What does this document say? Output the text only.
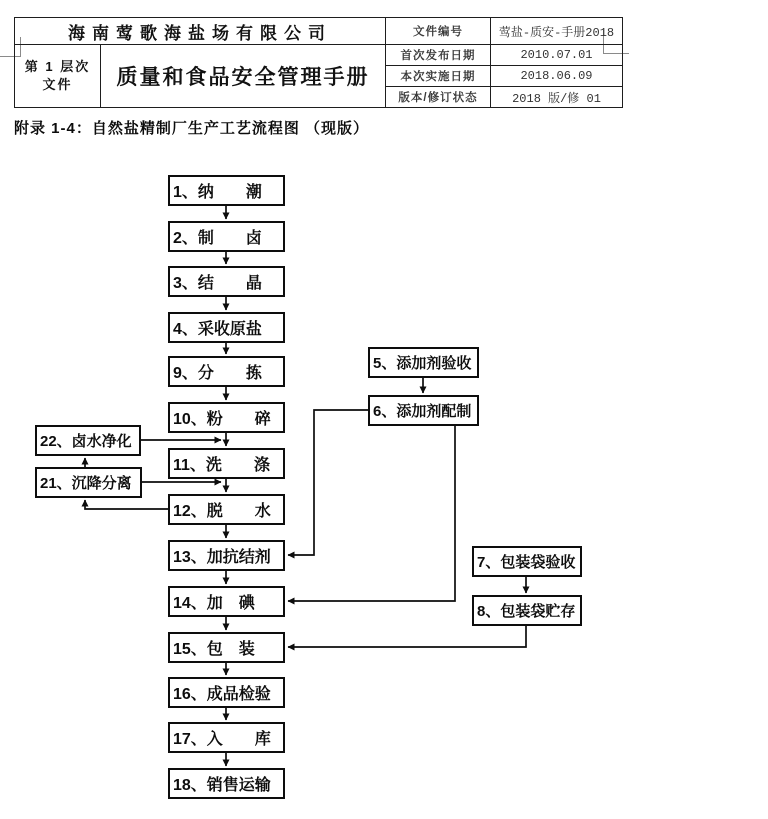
海南莺歌海盐场有限公司		文件编号	莺盐-质安-手册2018

第 1 层次
文件	质量和食品安全管理手册	首次发布日期	2010.07.01
		本次实施日期	2018.06.09
		版本/修订状态	2018 版/修 01
附录 1-4：自然盐精制厂生产工艺流程图 （现版）
1、纳　　潮
2、制　　卤
3、结　　晶
4、采收原盐
9、分　　拣
10、粉　　碎
11、洗　　涤
12、脱　　水
13、加抗结剂
14、加　碘
15、包　装
16、成品检验
17、入　　库
18、销售运输
5、添加剂验收
6、添加剂配制
7、包装袋验收
8、包装袋贮存
22、卤水净化
21、沉降分离
